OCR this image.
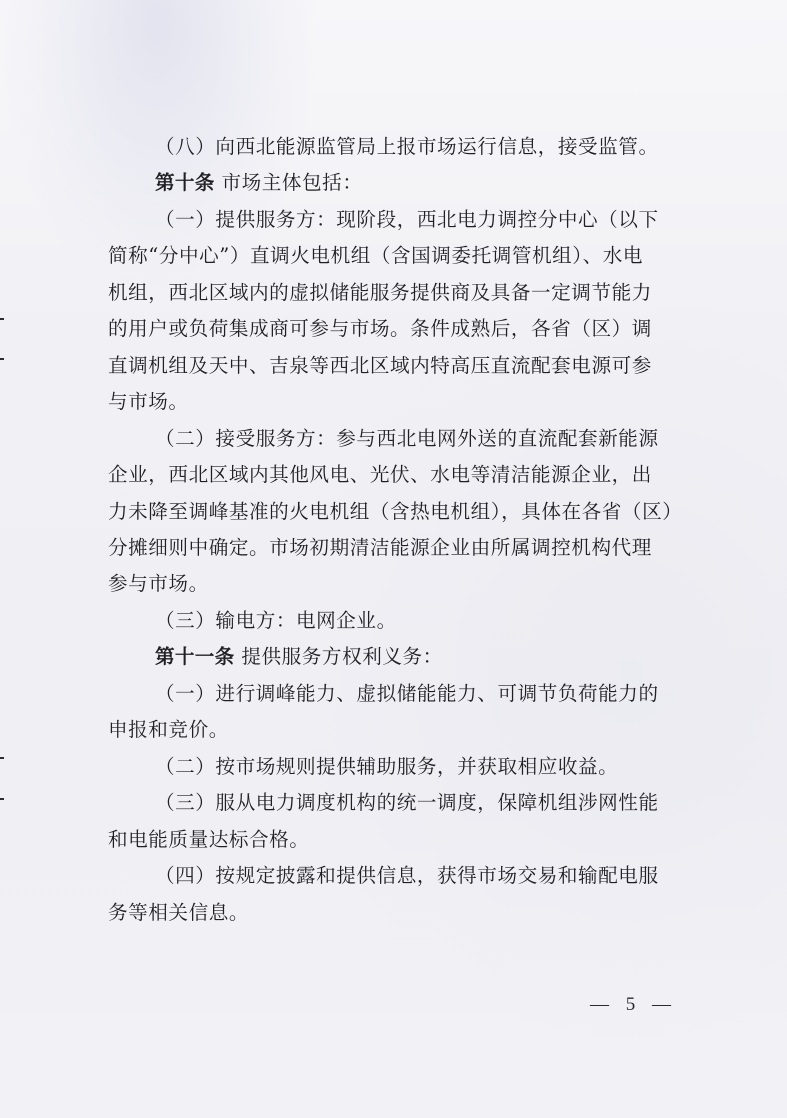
（八）向西北能源监管局上报市场运行信息，接受监管。
第十条 市场主体包括：
（一）提供服务方：现阶段，西北电力调控分中心（以下
简称“分中心”）直调火电机组（含国调委托调管机组）、水电
机组，西北区域内的虚拟储能服务提供商及具备一定调节能力
的用户或负荷集成商可参与市场。条件成熟后，各省（区）调
直调机组及天中、吉泉等西北区域内特高压直流配套电源可参
与市场。
（二）接受服务方：参与西北电网外送的直流配套新能源
企业，西北区域内其他风电、光伏、水电等清洁能源企业，出
力未降至调峰基准的火电机组（含热电机组），具体在各省（区）
分摊细则中确定。市场初期清洁能源企业由所属调控机构代理
参与市场。
（三）输电方：电网企业。
第十一条 提供服务方权利义务：
（一）进行调峰能力、虚拟储能能力、可调节负荷能力的
申报和竞价。
（二）按市场规则提供辅助服务，并获取相应收益。
（三）服从电力调度机构的统一调度，保障机组涉网性能
和电能质量达标合格。
（四）按规定披露和提供信息，获得市场交易和输配电服
务等相关信息。
— 5 —
